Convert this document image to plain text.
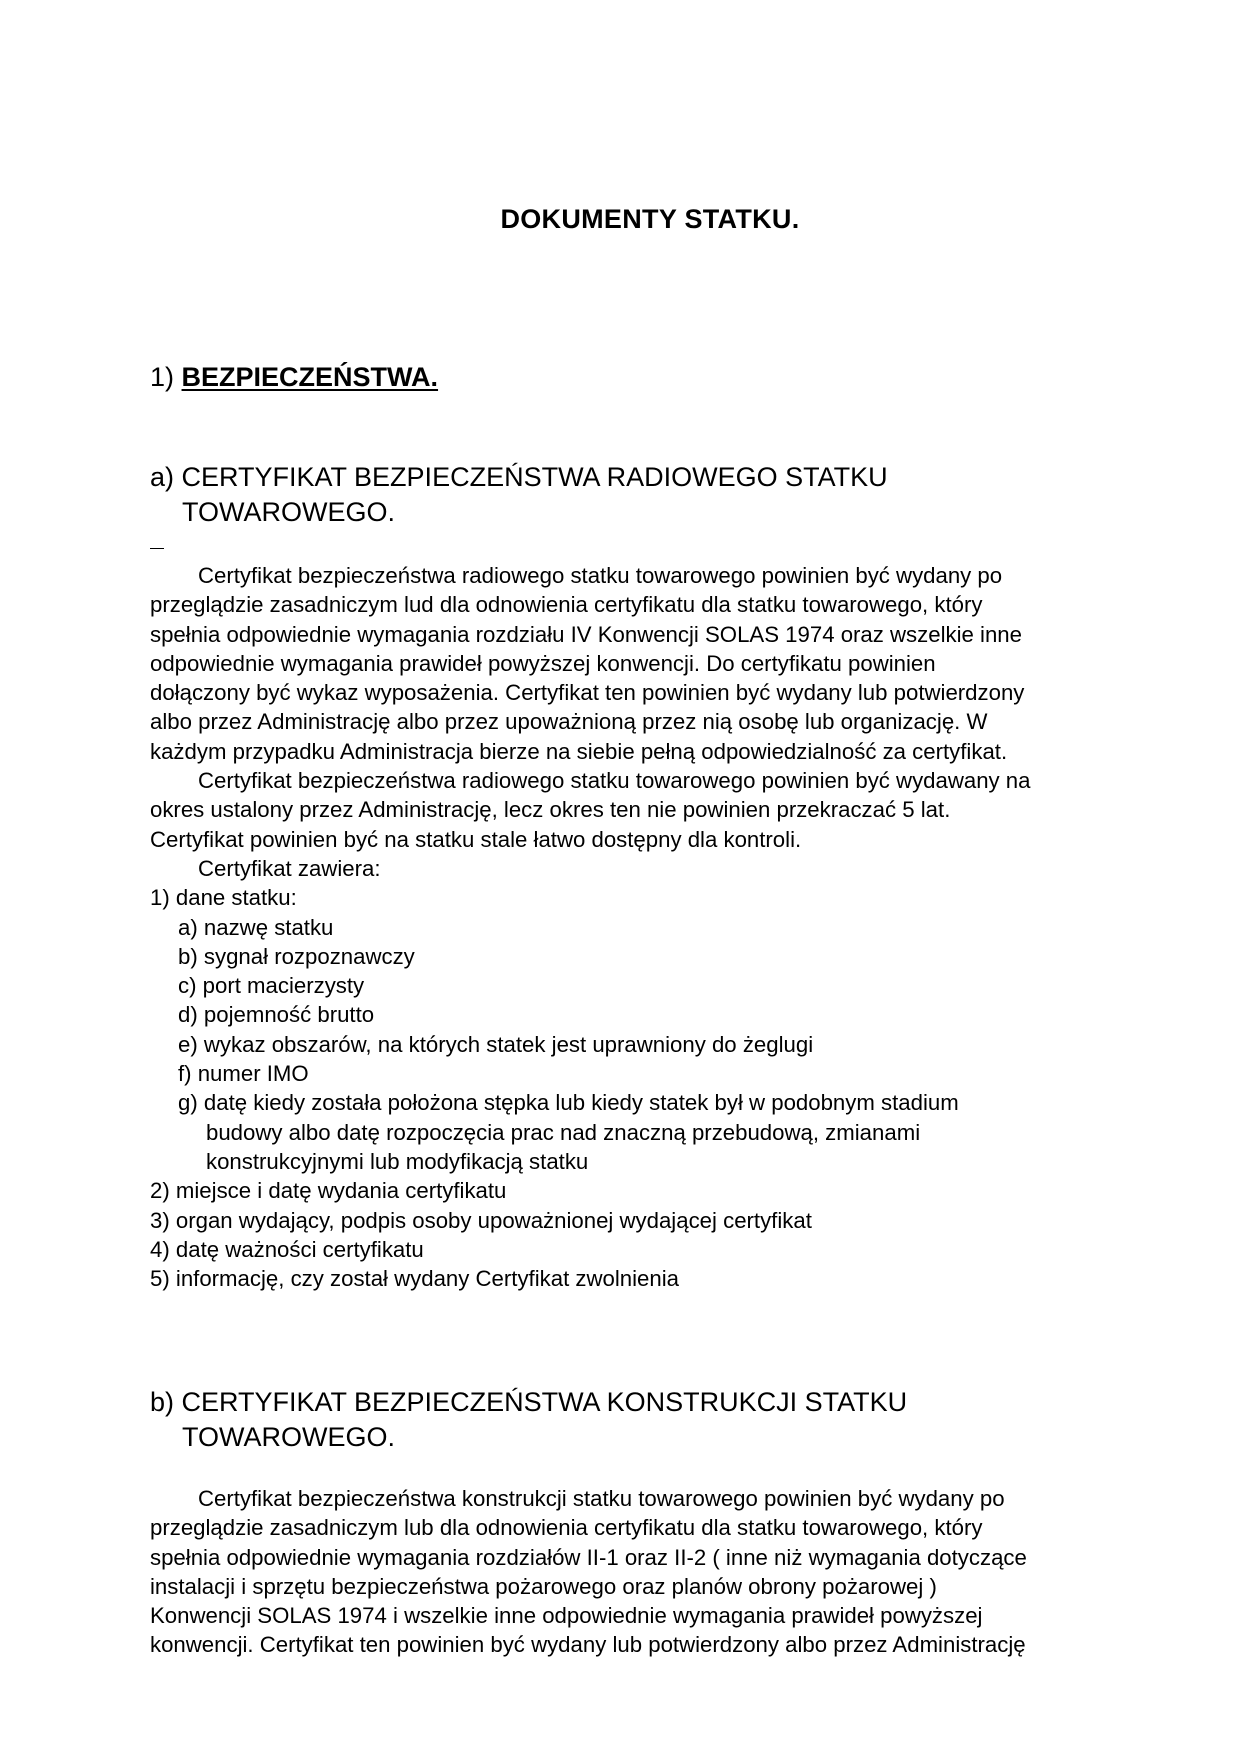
DOKUMENTY STATKU.
1) BEZPIECZEŃSTWA.
a) CERTYFIKAT BEZPIECZEŃSTWA RADIOWEGO STATKU
TOWAROWEGO.
Certyfikat bezpieczeństwa radiowego statku towarowego powinien być wydany po
przeglądzie zasadniczym lud dla odnowienia certyfikatu dla statku towarowego, który
spełnia odpowiednie wymagania rozdziału IV Konwencji SOLAS 1974 oraz wszelkie inne
odpowiednie wymagania prawideł powyższej konwencji. Do certyfikatu powinien
dołączony być wykaz wyposażenia. Certyfikat ten powinien być wydany lub potwierdzony
albo przez Administrację albo przez upoważnioną przez nią osobę lub organizację. W
każdym przypadku Administracja bierze na siebie pełną odpowiedzialność za certyfikat.
Certyfikat bezpieczeństwa radiowego statku towarowego powinien być wydawany na
okres ustalony przez Administrację, lecz okres ten nie powinien przekraczać 5 lat.
Certyfikat powinien być na statku stale łatwo dostępny dla kontroli.
Certyfikat zawiera:
1) dane statku:
a) nazwę statku
b) sygnał rozpoznawczy
c) port macierzysty
d) pojemność brutto
e) wykaz obszarów, na których statek jest uprawniony do żeglugi
f) numer IMO
g) datę kiedy została położona stępka lub kiedy statek był w podobnym stadium
budowy albo datę rozpoczęcia prac nad znaczną przebudową, zmianami
konstrukcyjnymi lub modyfikacją statku
2) miejsce i datę wydania certyfikatu
3) organ wydający, podpis osoby upoważnionej wydającej certyfikat
4) datę ważności certyfikatu
5) informację, czy został wydany Certyfikat zwolnienia
b) CERTYFIKAT BEZPIECZEŃSTWA KONSTRUKCJI STATKU
TOWAROWEGO.
Certyfikat bezpieczeństwa konstrukcji statku towarowego powinien być wydany po
przeglądzie zasadniczym lub dla odnowienia certyfikatu dla statku towarowego, który
spełnia odpowiednie wymagania rozdziałów II-1 oraz II-2 ( inne niż wymagania dotyczące
instalacji i sprzętu bezpieczeństwa pożarowego oraz planów obrony pożarowej )
Konwencji SOLAS 1974 i wszelkie inne odpowiednie wymagania prawideł powyższej
konwencji. Certyfikat ten powinien być wydany lub potwierdzony albo przez Administrację
